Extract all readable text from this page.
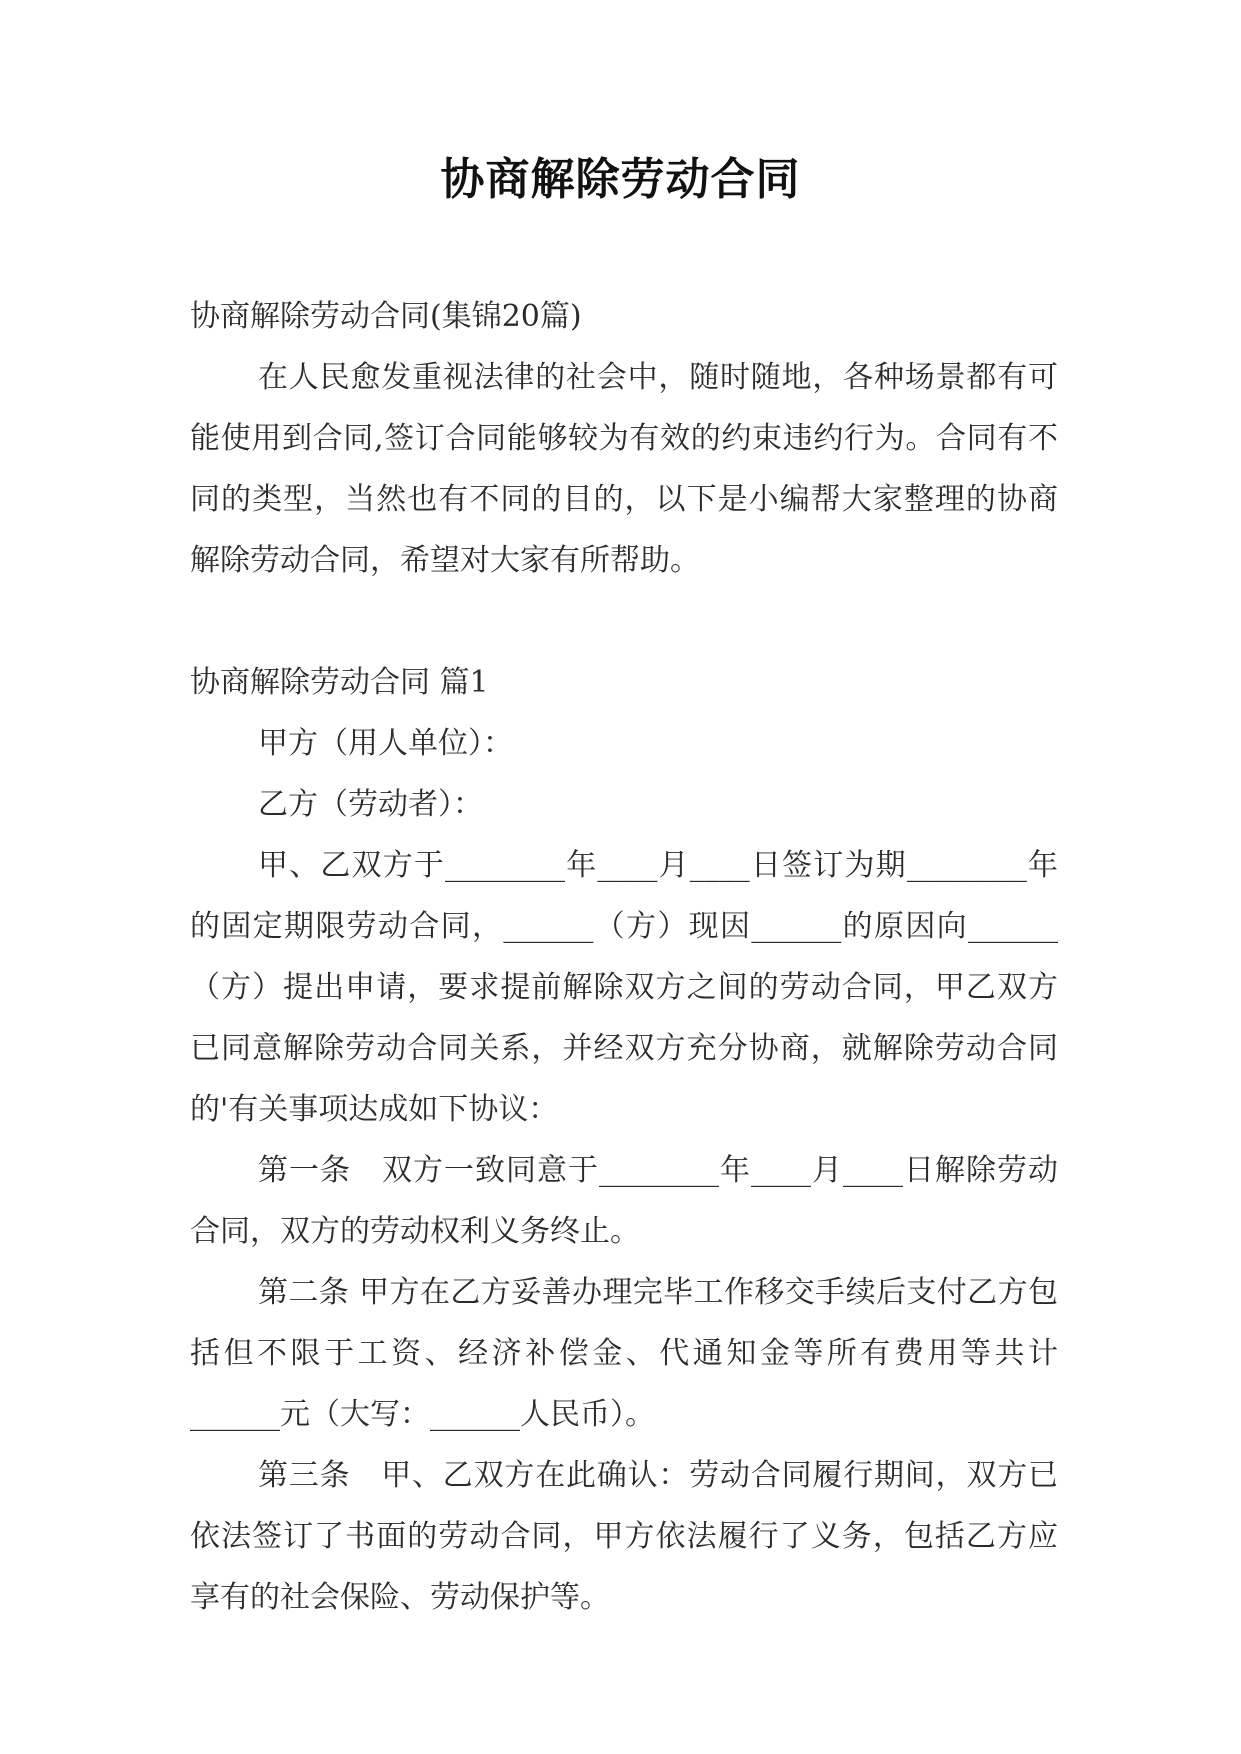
协商解除劳动合同

协商解除劳动合同(集锦20篇)

在人民愈发重视法律的社会中，随时随地，各种场景都有可能使用到合同,签订合同能够较为有效的约束违约行为。合同有不同的类型，当然也有不同的目的，以下是小编帮大家整理的协商解除劳动合同，希望对大家有所帮助。

协商解除劳动合同 篇1

甲方（用人单位）：

乙方（劳动者）：

甲、乙双方于________年____月____日签订为期________年的固定期限劳动合同，______（方）现因______的原因向______（方）提出申请，要求提前解除双方之间的劳动合同，甲乙双方已同意解除劳动合同关系，并经双方充分协商，就解除劳动合同的'有关事项达成如下协议：

第一条　双方一致同意于________年____月____日解除劳动合同，双方的劳动权利义务终止。

第二条 甲方在乙方妥善办理完毕工作移交手续后支付乙方包括但不限于工资、经济补偿金、代通知金等所有费用等共计______元（大写：______人民币）。

第三条　甲、乙双方在此确认：劳动合同履行期间，双方已依法签订了书面的劳动合同，甲方依法履行了义务，包括乙方应享有的社会保险、劳动保护等。
